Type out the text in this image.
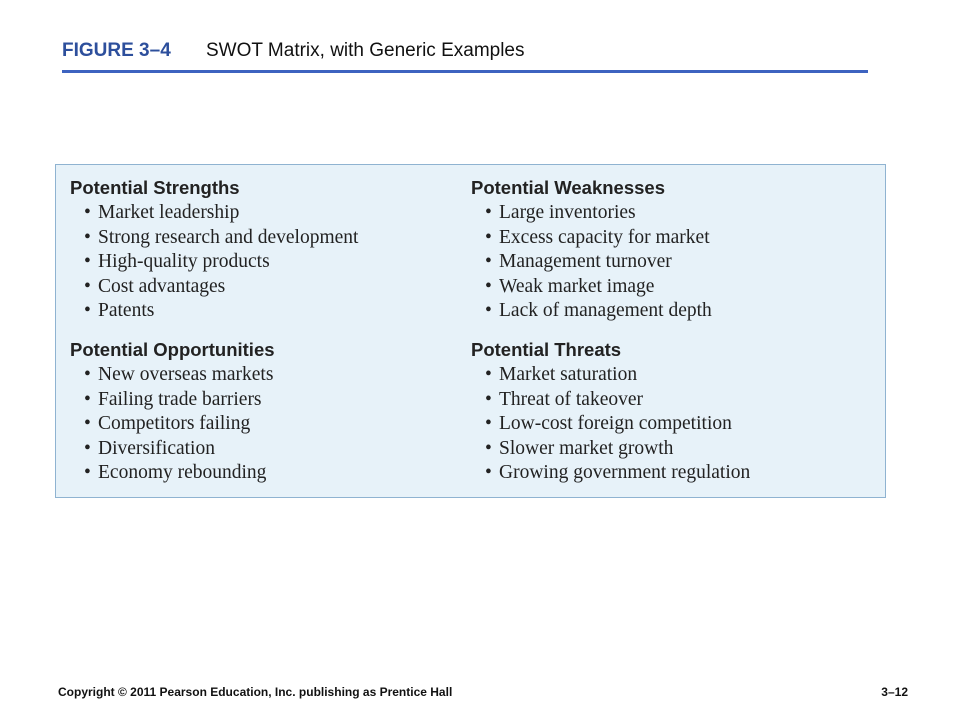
FIGURE 3–4 SWOT Matrix, with Generic Examples
Potential Strengths
• Market leadership
• Strong research and development
• High-quality products
• Cost advantages
• Patents
Potential Weaknesses
• Large inventories
• Excess capacity for market
• Management turnover
• Weak market image
• Lack of management depth
Potential Opportunities
• New overseas markets
• Failing trade barriers
• Competitors failing
• Diversification
• Economy rebounding
Potential Threats
• Market saturation
• Threat of takeover
• Low-cost foreign competition
• Slower market growth
• Growing government regulation
Copyright © 2011 Pearson Education, Inc. publishing as Prentice Hall	3–12
